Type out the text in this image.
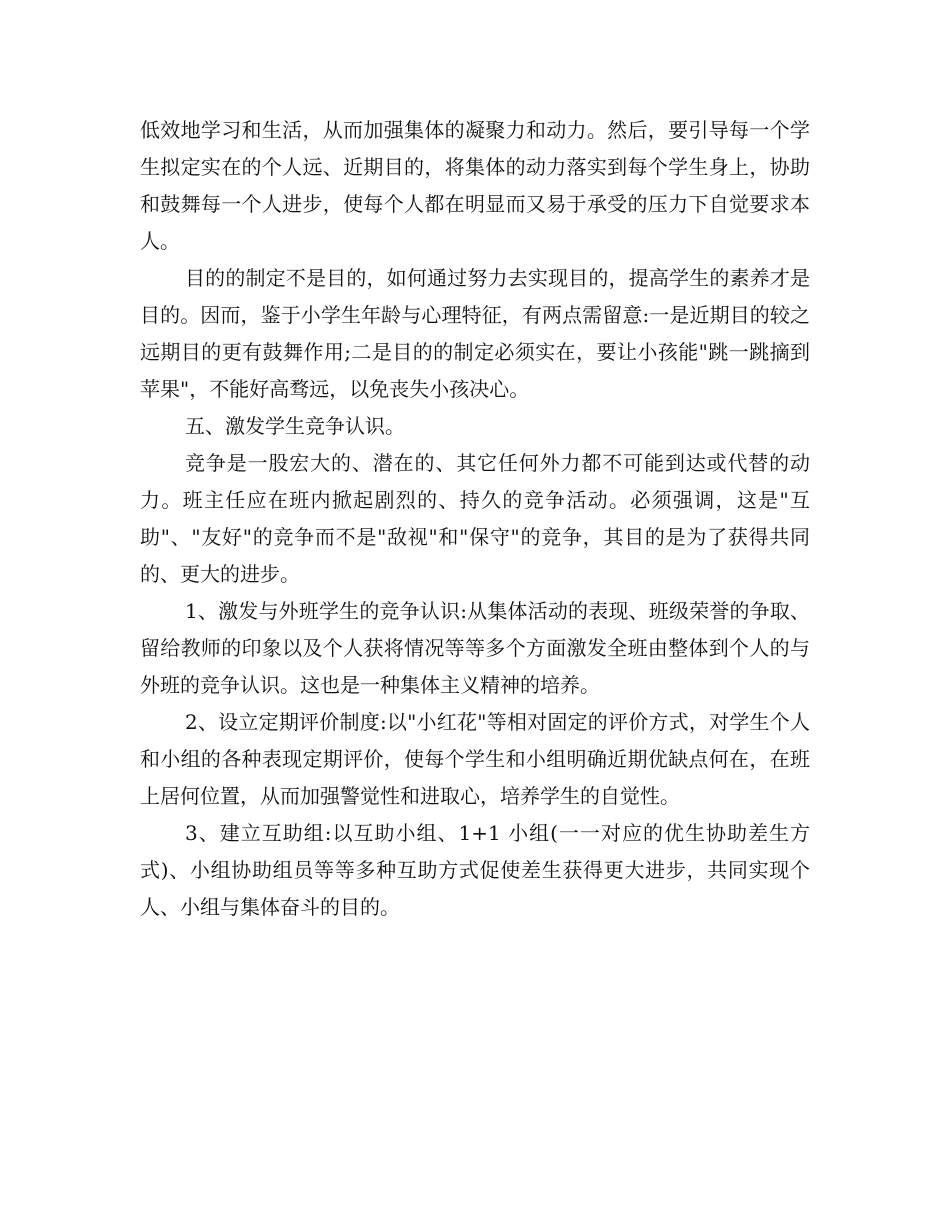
低效地学习和生活，从而加强集体的凝聚力和动力。然后，要引导每一个学生拟定实在的个人远、近期目的，将集体的动力落实到每个学生身上，协助和鼓舞每一个人进步，使每个人都在明显而又易于承受的压力下自觉要求本人。

目的的制定不是目的，如何通过努力去实现目的，提高学生的素养才是目的。因而，鉴于小学生年龄与心理特征，有两点需留意:一是近期目的较之远期目的更有鼓舞作用;二是目的的制定必须实在，要让小孩能"跳一跳摘到苹果"，不能好高骛远，以免丧失小孩决心。

五、激发学生竞争认识。

竞争是一股宏大的、潜在的、其它任何外力都不可能到达或代替的动力。班主任应在班内掀起剧烈的、持久的竞争活动。必须强调，这是"互助"、"友好"的竞争而不是"敌视"和"保守"的竞争，其目的是为了获得共同的、更大的进步。

1、激发与外班学生的竞争认识:从集体活动的表现、班级荣誉的争取、留给教师的印象以及个人获将情况等等多个方面激发全班由整体到个人的与外班的竞争认识。这也是一种集体主义精神的培养。

2、设立定期评价制度:以"小红花"等相对固定的评价方式，对学生个人和小组的各种表现定期评价，使每个学生和小组明确近期优缺点何在，在班上居何位置，从而加强警觉性和进取心，培养学生的自觉性。

3、建立互助组:以互助小组、1+1 小组(一一对应的优生协助差生方式)、小组协助组员等等多种互助方式促使差生获得更大进步，共同实现个人、小组与集体奋斗的目的。
